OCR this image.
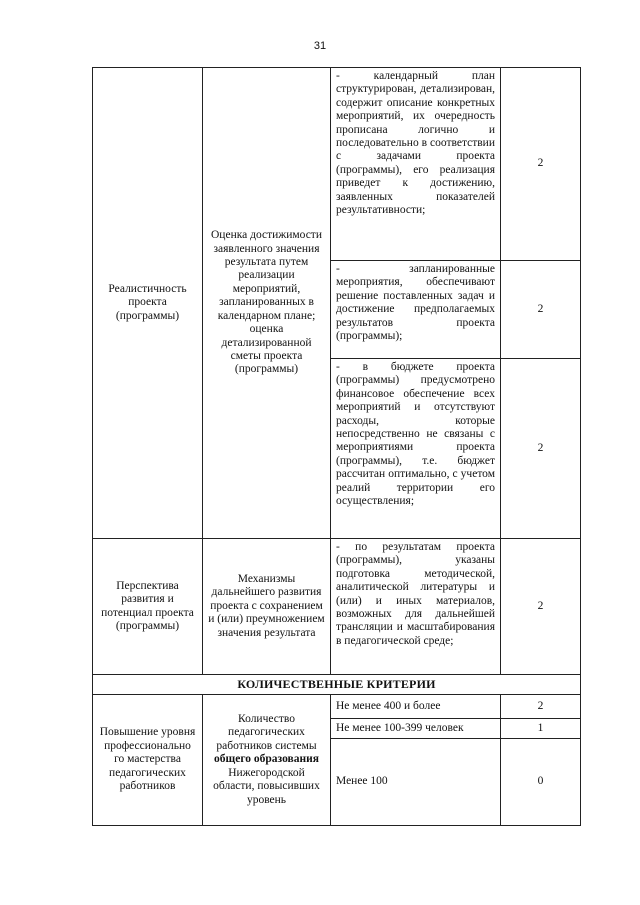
31
Реалистичность проекта (программы)	Оценка достижимости заявленного значения результата путем реализации мероприятий, запланированных в календарном плане; оценка детализированной сметы проекта (программы)	- календарный план структурирован, детализирован, содержит описание конкретных мероприятий, их очередность прописана логично и последовательно в соответствии с задачами проекта (программы), его реализация приведет к достижению, заявленных показателей результативности;	2
		- запланированные мероприятия, обеспечивают решение поставленных задач и достижение предполагаемых результатов проекта (программы);	2
		- в бюджете проекта (программы) предусмотрено финансовое обеспечение всех мероприятий и отсутствуют расходы, которые непосредственно не связаны с мероприятиями проекта (программы), т.е. бюджет рассчитан оптимально, с учетом реалий территории его осуществления;	2
Перспектива развития и потенциал проекта (программы)	Механизмы дальнейшего развития проекта с сохранением и (или) преумножением значения результата	- по результатам проекта (программы), указаны подготовка методической, аналитической литературы и (или) и иных материалов, возможных для дальнейшей трансляции и масштабирования в педагогической среде;	2
КОЛИЧЕСТВЕННЫЕ КРИТЕРИИ			
Повышение уровня профессионально го мастерства педагогических работников	Количество педагогических работников системы общего образования Нижегородской области, повысивших уровень	Не менее 400 и более	2
		Не менее 100-399 человек	1
		Менее 100	0
